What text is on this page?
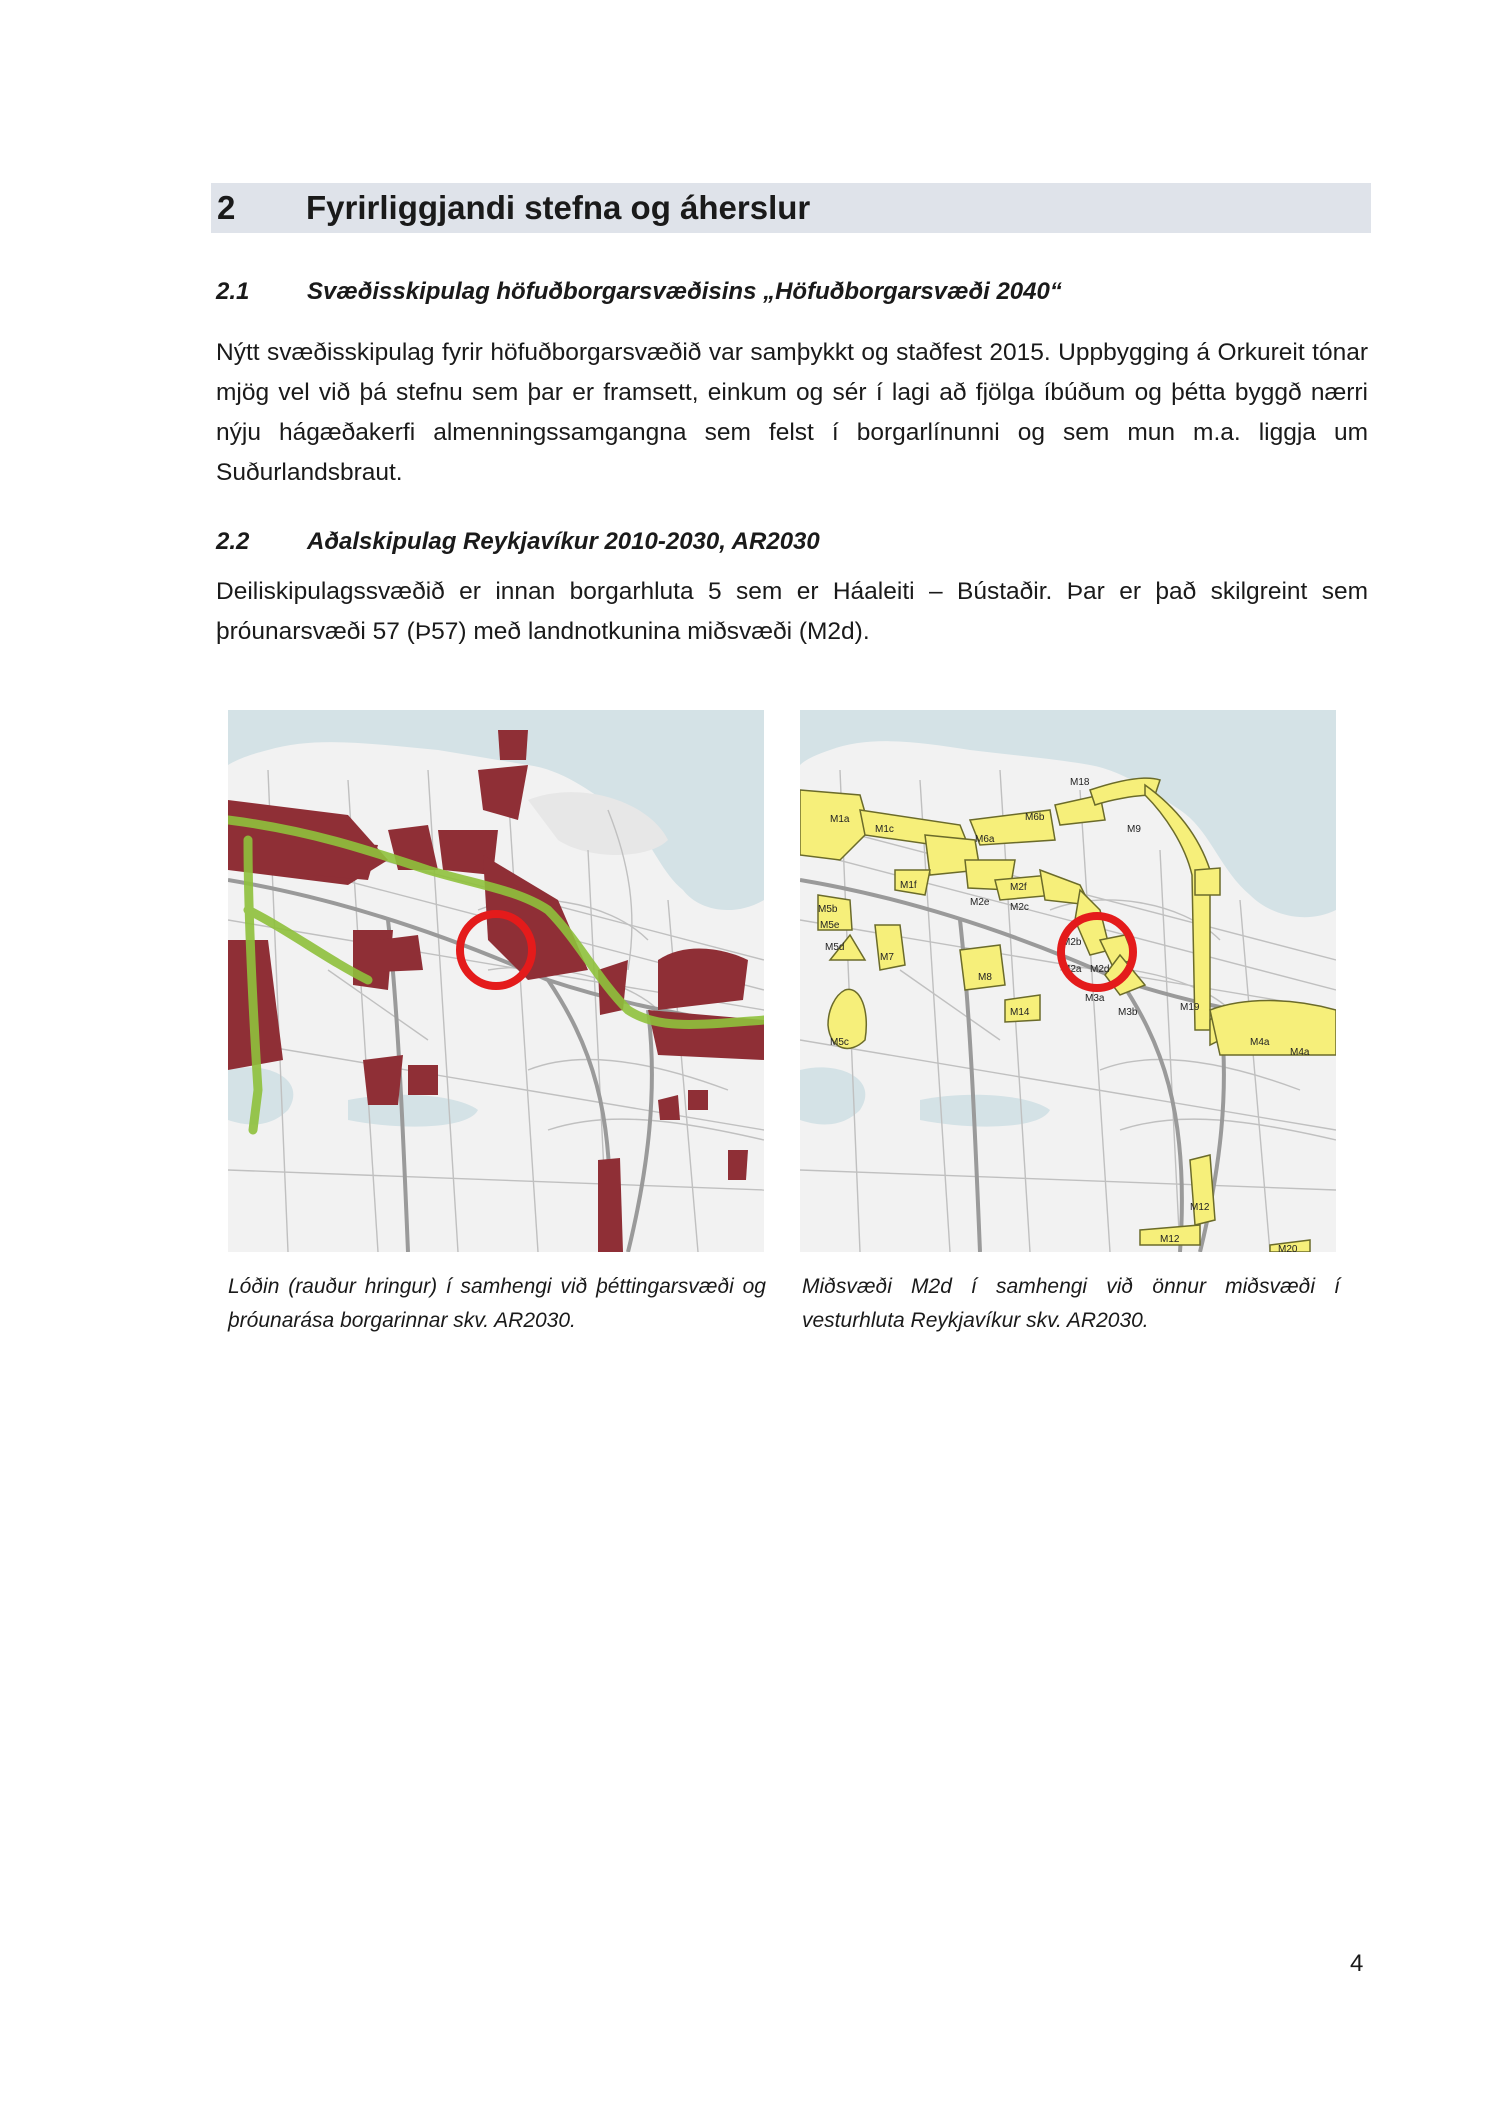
2 Fyrirliggjandi stefna og áherslur
2.1 Svæðisskipulag höfuðborgarsvæðisins „Höfuðborgarsvæði 2040“

Nýtt svæðisskipulag fyrir höfuðborgarsvæðið var samþykkt og staðfest 2015. Uppbygging á Orkureit tónar mjög vel við þá stefnu sem þar er framsett, einkum og sér í lagi að fjölga íbúðum og þétta byggð nærri nýju hágæðakerfi almenningssamgangna sem felst í borgarlínunni og sem mun m.a. liggja um Suðurlandsbraut.

2.2 Aðalskipulag Reykjavíkur 2010-2030, AR2030

Deiliskipulagssvæðið er innan borgarhluta 5 sem er Háaleiti – Bústaðir. Þar er það skilgreint sem þróunarsvæði 57 (Þ57) með landnotkunina miðsvæði (M2d).

M18
M9
M6b
M6a
M1a
M1c
M1f	M2f
M2e M2c
M2b
M2a M2d
M3a
M3b
M5b
M5e
M5d
M5c
M7
M8
M14	M19
M4a
M4a
M12
M12
M20

Lóðin (rauður hringur) í samhengi við þéttingarsvæði og þróunarása borgarinnar skv. AR2030.

Miðsvæði M2d í samhengi við önnur miðsvæði í vesturhluta Reykjavíkur skv. AR2030.

4
